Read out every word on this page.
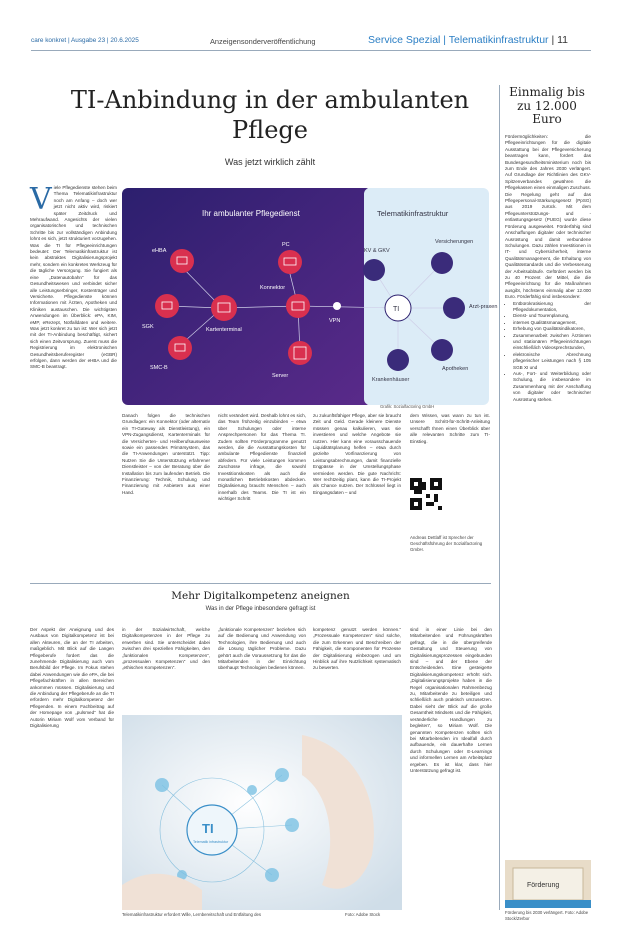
care konkret | Ausgabe 23 | 20.6.2025	Anzeigensonderveröffentlichung	Service Spezial | Telematikinfrastruktur | 11
TI-Anbindung in der ambulanten Pflege
Was jetzt wirklich zählt
V iele Pflegedienste stehen beim Thema Telematikinfrastruktur noch am Anfang – doch wer jetzt nicht aktiv wird, riskiert später Zeitdruck und Mehraufwand. Angesichts der vielen organisatorischen und technischen Schritte bis zur vollständigen Anbindung lohnt es sich, jetzt strukturiert vorzugehen. Was die TI für Pflegeeinrichtungen bedeutet: Der Telematikinfrastruktur ist kein abstraktes Digitalisierungsprojekt mehr, sondern ein konkretes Werkzeug für die tägliche Versorgung. Sie fungiert als eine „Datenautobahn“ für das Gesundheitswesen und verbindet sicher alle Leistungserbringer, Kostenträger und Versicherte. Pflegedienste können Informationen mit Ärzten, Apotheken und Kliniken austauschen. Die wichtigsten Anwendungen im Überblick: ePA, KIM, eMP, eRezept, Notfalldaten und weitere. Was jetzt konkret zu tun ist: Wer sich jetzt mit der TI-Anbindung beschäftigt, sichert sich einen Zeitvorsprung. Zuerst muss die Registrierung im elektronischen Gesundheitsberuferegister (eGBR) erfolgen, dann werden der eHBA und die SMC-B beantragt.
Ihr ambulanter Pflegedienst	Telematikinfrastruktur
eHBA
SGK
SMC-B
PC
Kartenterminal
Konnektor
Server
VPN
TI
KV & GKV
Versicherungen
Arzt-praxen
Apotheken
Krankenhäuser
Grafik: Sozialfactoring GmbH
Danach folgen die technischen Grundlagen: ein Konnektor (oder alternativ ein TI-Gateway als Dienstleistung), ein VPN-Zugangsdienst, Kartenterminals für die Versicherten- und Heilberufsausweise sowie ein passendes Primärsystem, das die TI-Anwendungen unterstützt. Tipp: Nutzen Sie die Unterstützung erfahrener Dienstleister – von der Beratung über die Installation bis zum laufenden Betrieb. Die Finanzierung: Technik, Schulung und Finanzierung mit Anbietern aus einer Hand.
nicht verändert wird. Deshalb lohnt es sich, das Team frühzeitig einzubinden – etwa über Schulungen oder interne Ansprechpersonen für das Thema TI. Zudem sollten Förderprogramme genutzt werden, die die Ausstattungskosten für ambulante Pflegedienste finanziell abfedern. Für viele Leistungen kommen Zuschüsse infrage, die sowohl Investitionskosten als auch die monatlichen Betriebskosten abdecken. Digitalisierung braucht Menschen – auch innerhalb des Teams. Die TI ist ein wichtiger Schritt
zu zukunftsfähiger Pflege, aber sie braucht Zeit und Geld. Gerade kleinere Dienste müssen genau kalkulieren, was sie investieren und welche Angebote sie nutzen. Hier kann eine vorausschauende Liquiditätsplanung helfen – etwa durch gezielte Vorfinanzierung von Leistungsabrechnungen, damit finanzielle Engpässe in der Umstellungsphase vermieden werden. Die gute Nachricht: Wer rechtzeitig plant, kann die TI-Projekt als Chance nutzen. Der Schlüssel liegt in Eingangsdaten – und
dem Wissen, was wann zu tun ist. Unsere Schritt-für-Schritt-Anleitung verschafft Ihnen einen Überblick über alle relevanten Schritte zum TI-Einstieg.
Andreas Dettlaff ist Sprecher der Geschäftsführung der Sozialfactoring GmbH.
Einmalig bis zu 12.000 Euro
Fördermöglichkeiten: die Pflegeeinrichtungen für die digitale Ausstattung bei der Pflegeversicherung beantragen kann, fordert das Bundesgesundheitsministerium noch bis zum Ende des Jahres 2030 verlängert. Auf Grundlage der Richtlinien des GKV-Spitzenverbandes gewähren die Pflegekassen einen einmaligen Zuschuss. Die Regelung geht auf das Pflegepersonal-Stärkungsgesetz (PpSG) aus 2019 zurück. Mit dem Pflegeunterstützungs- und -entlastungsgesetz (PUEG) wurde diese Förderung ausgeweitet. Förderfähig sind Anschaffungen digitaler oder technischer Ausrüstung und damit verbundene Schulungen. Dazu zählen Investitionen in IT- und Cybersicherheit, interne Qualitätsmanagement, die Erhaltung von Qualitätsstandards und die Verbesserung der Arbeitsabläufe. Gefördert werden bis zu 40 Prozent der Mittel, die die Pflegeeinrichtung für die Maßnahmen ausgibt, höchstens einmalig aber 12.000 Euro. Förderfähig sind insbesondere:
• Entbürokratisierung der Pflegedokumentation,
• Dienst- und Tourenplanung,
• internes Qualitätsmanagement,
• Erhebung von Qualitätsindikatoren,
• Zusammenarbeit zwischen Ärztinnen und stationären Pflegeeinrichtungen einschließlich Videosprechstunden,
• elektronische Abrechnung pflegerischer Leistungen nach § 105 SGB XI und
• Aus-, Fort- und Weiterbildung oder Schulung, die insbesondere im Zusammenhang mit der Anschaffung von digitaler oder technischer Ausrüstung stehen.
Förderung
Förderung bis 2030 verlängert. Foto: Adobe Stock/Zerbor
Mehr Digitalkompetenz aneignen
Was in der Pflege inbesondere gefragt ist
Der Aspekt der Aneignung und des Ausbaus von Digitalkompetenz ist bei allen Akteuren, die an der TI arbeiten, maßgeblich. Mit Blick auf die Langen Pflegeberufe fordert das die zunehmende Digitalisierung auch vom Berufsbild der Pflege. Im Fokus stehen dabei Anwendungen wie die ePA, die bei Pflegefachkräften in allen Bereichen ankommen müssen. Digitalisierung und die Anbindung der Pflegeberufe an die TI erfordern mehr Digitalkompetenz der Pflegenden. In einem Fachbeitrag auf der Homepage von „pulsmed“ hat die Autorin Miriam Wolf vom Verband für Digitalisierung
in der Sozialwirtschaft, welche Digitalkompetenzen in der Pflege zu erwerben sind. Sie unterscheidet dabei zwischen drei speziellen Fähigkeiten, den „funktionalen Kompetenzen“, „prozessualen Kompetenzen“ und den „ethischen Kompetenzen“.
„funktionale Kompetenzen“ beziehen sich auf die Bedienung und Anwendung von Technologien, ihre Bedienung und auch die Lösung täglicher Probleme. Dazu gehört auch die Voraussetzung für das die Mitarbeitenden in der Einrichtung überhaupt Technologien bedienen können.
kompetenz genutzt werden können.“ „Prozessuale Kompetenzen“ sind solche, die zum Erkennen und Beschreiben der Fähigkeit, die Komponenten für Prozesse der Digitalisierung einbezogen und um Hinblick auf ihre Nutzlichkeit systematisch zu bewerten.
sind in einer Linie bei den Mitarbeitenden und Führungskräften gefragt, die in die übergreifende Gestaltung und Steuerung von Digitalisierungsprozessen eingebunden sind – und der Ebene der Entscheidenden. Eine gesteigerte Digitalisierungskompetenz erhöht sich. „Digitalisierungsprojekte haben in die Regel organisationalen Rahmenbezug zu, Mitarbeitende zu beteiligen und schließlich auch praktisch umzusetzen. Dabei sieht der Blick auf die große Gesamtheit Mindsets und die Fähigkeit, veränderliche Handlungen zu begleiten“, so Miriam Wolf. Die genannten Kompetenzen sollten sich bei Mitarbeitenden im Idealfall durch aufbauende, ein dauerhafte Lernen durch Schulungen oder E-Learnings und informellen Lernen am Arbeitsplatz ergeben. Es ist klar, dass hier Unterstützung gefragt ist.
TI
Telematik infrastruktur
Telematikinfrastruktur erfordert Wille, Lernbereitschaft und Entfaltung des	Foto: Adobe Stock
